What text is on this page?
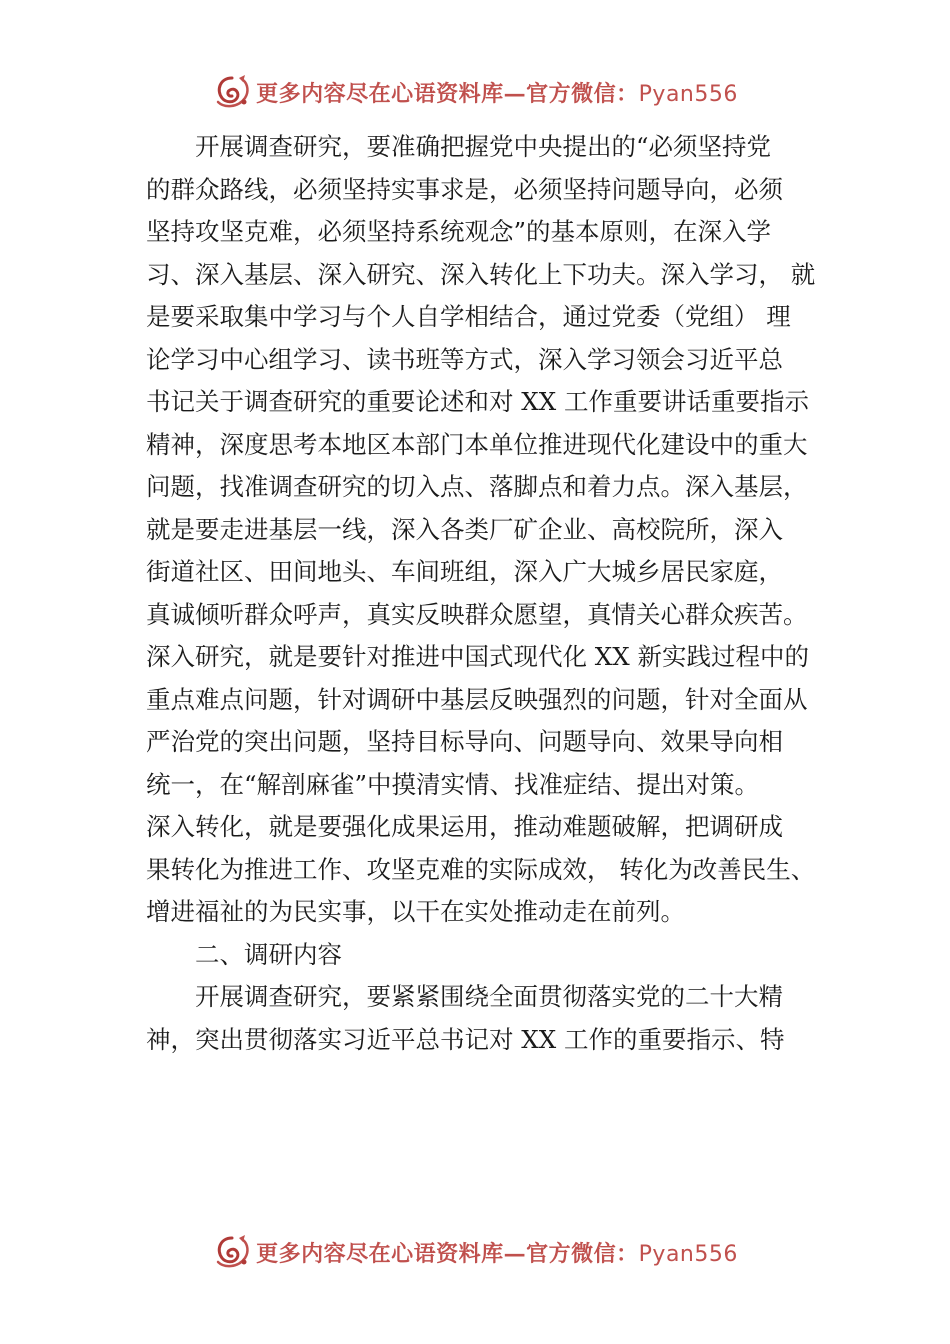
更多内容尽在心语资料库—官方微信：Pyan556
开展调查研究，要准确把握党中央提出的“必须坚持党
的群众路线，必须坚持实事求是，必须坚持问题导向，必须
坚持攻坚克难，必须坚持系统观念”的基本原则，在深入学
习、深入基层、深入研究、深入转化上下功夫。深入学习， 就
是要采取集中学习与个人自学相结合，通过党委（党组） 理
论学习中心组学习、读书班等方式，深入学习领会习近平总
书记关于调查研究的重要论述和对 XX 工作重要讲话重要指示
精神，深度思考本地区本部门本单位推进现代化建设中的重大
问题，找准调查研究的切入点、落脚点和着力点。深入基层，
就是要走进基层一线，深入各类厂矿企业、高校院所，深入
街道社区、田间地头、车间班组，深入广大城乡居民家庭，
真诚倾听群众呼声，真实反映群众愿望，真情关心群众疾苦。
深入研究，就是要针对推进中国式现代化 XX 新实践过程中的
重点难点问题，针对调研中基层反映强烈的问题，针对全面从
严治党的突出问题，坚持目标导向、问题导向、效果导向相
统一，在“解剖麻雀”中摸清实情、找准症结、提出对策。
深入转化，就是要强化成果运用，推动难题破解，把调研成
果转化为推进工作、攻坚克难的实际成效， 转化为改善民生、
增进福祉的为民实事，以干在实处推动走在前列。
二、调研内容
开展调查研究，要紧紧围绕全面贯彻落实党的二十大精
神，突出贯彻落实习近平总书记对 XX 工作的重要指示、特
更多内容尽在心语资料库—官方微信：Pyan556
